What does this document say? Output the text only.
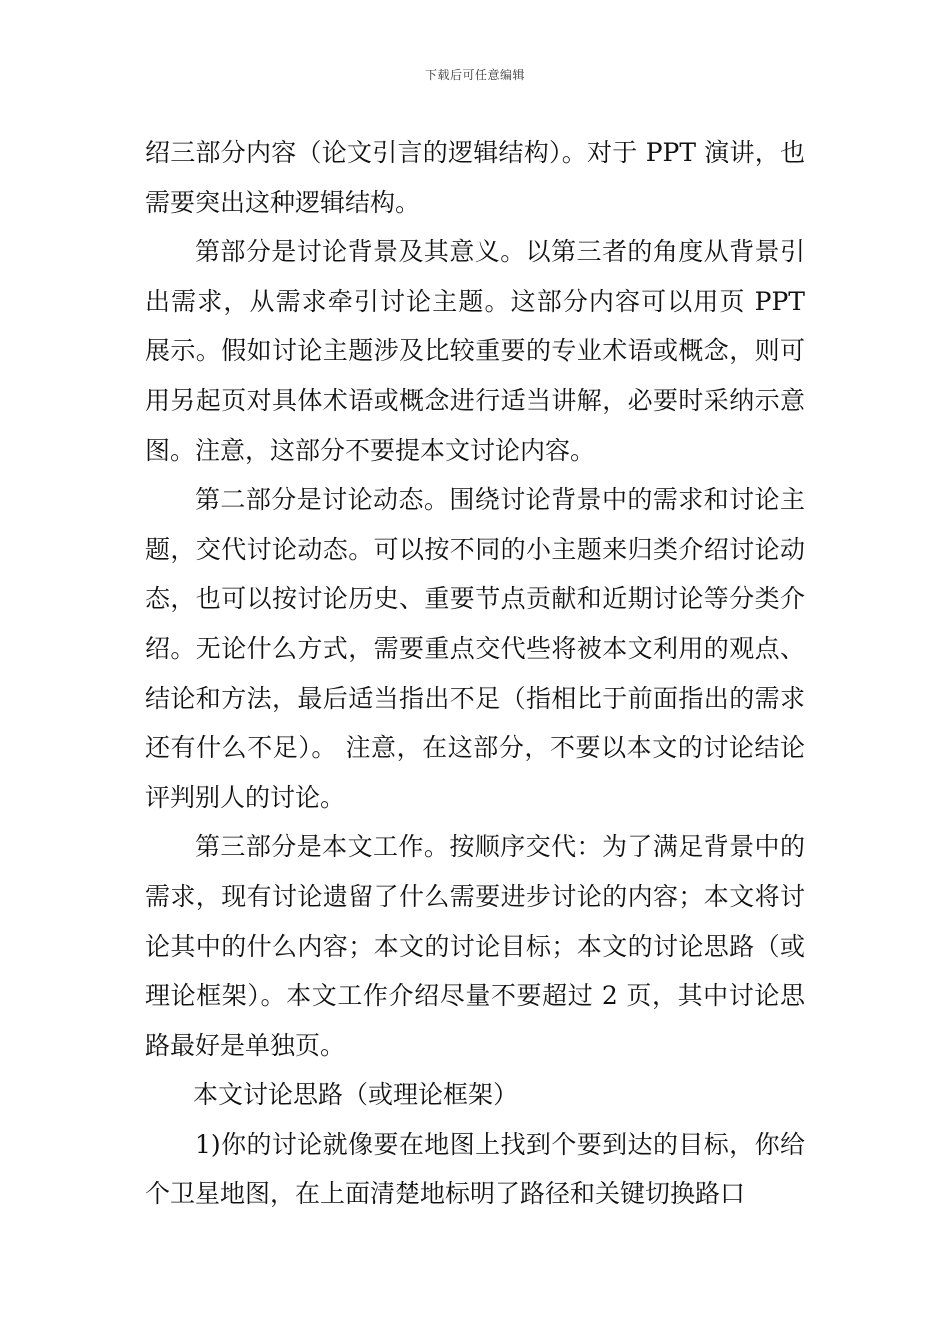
下载后可任意编辑

绍三部分内容（论文引言的逻辑结构）。对于 PPT 演讲，也需要突出这种逻辑结构。

第部分是讨论背景及其意义。以第三者的角度从背景引出需求，从需求牵引讨论主题。这部分内容可以用页 PPT 展示。假如讨论主题涉及比较重要的专业术语或概念，则可用另起页对具体术语或概念进行适当讲解，必要时采纳示意图。注意，这部分不要提本文讨论内容。

第二部分是讨论动态。围绕讨论背景中的需求和讨论主题，交代讨论动态。可以按不同的小主题来归类介绍讨论动态，也可以按讨论历史、重要节点贡献和近期讨论等分类介绍。无论什么方式，需要重点交代些将被本文利用的观点、结论和方法，最后适当指出不足（指相比于前面指出的需求还有什么不足）。 注意，在这部分，不要以本文的讨论结论评判别人的讨论。

第三部分是本文工作。按顺序交代：为了满足背景中的需求，现有讨论遗留了什么需要进步讨论的内容；本文将讨论其中的什么内容；本文的讨论目标；本文的讨论思路（或理论框架）。本文工作介绍尽量不要超过 2 页，其中讨论思路最好是单独页。

本文讨论思路（或理论框架）

1)你的讨论就像要在地图上找到个要到达的目标，你给个卫星地图，在上面清楚地标明了路径和关键切换路口
